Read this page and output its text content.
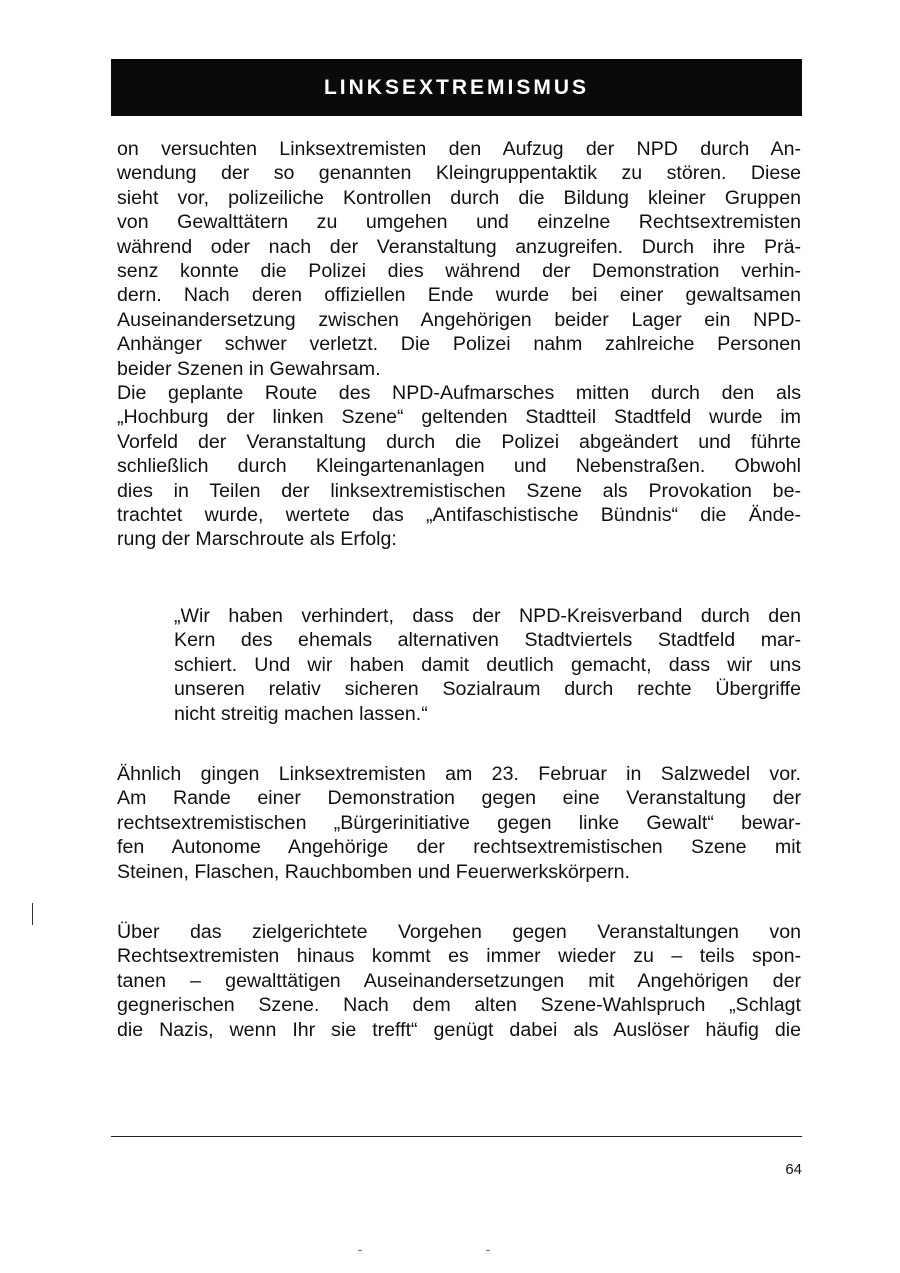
LINKSEXTREMISMUS
on versuchten Linksextremisten den Aufzug der NPD durch An-
wendung der so genannten Kleingruppentaktik zu stören. Diese
sieht vor, polizeiliche Kontrollen durch die Bildung kleiner Gruppen
von Gewalttätern zu umgehen und einzelne Rechtsextremisten
während oder nach der Veranstaltung anzugreifen. Durch ihre Prä-
senz konnte die Polizei dies während der Demonstration verhin-
dern. Nach deren offiziellen Ende wurde bei einer gewaltsamen
Auseinandersetzung zwischen Angehörigen beider Lager ein NPD-
Anhänger schwer verletzt. Die Polizei nahm zahlreiche Personen
beider Szenen in Gewahrsam.
Die geplante Route des NPD-Aufmarsches mitten durch den als
„Hochburg der linken Szene“ geltenden Stadtteil Stadtfeld wurde im
Vorfeld der Veranstaltung durch die Polizei abgeändert und führte
schließlich durch Kleingartenanlagen und Nebenstraßen. Obwohl
dies in Teilen der linksextremistischen Szene als Provokation be-
trachtet wurde, wertete das „Antifaschistische Bündnis“ die Ände-
rung der Marschroute als Erfolg:
„Wir haben verhindert, dass der NPD-Kreisverband durch den
Kern des ehemals alternativen Stadtviertels Stadtfeld mar-
schiert. Und wir haben damit deutlich gemacht, dass wir uns
unseren relativ sicheren Sozialraum durch rechte Übergriffe
nicht streitig machen lassen.“
Ähnlich gingen Linksextremisten am 23. Februar in Salzwedel vor.
Am Rande einer Demonstration gegen eine Veranstaltung der
rechtsextremistischen „Bürgerinitiative gegen linke Gewalt“ bewar-
fen Autonome Angehörige der rechtsextremistischen Szene mit
Steinen, Flaschen, Rauchbomben und Feuerwerkskörpern.
Über das zielgerichtete Vorgehen gegen Veranstaltungen von
Rechtsextremisten hinaus kommt es immer wieder zu – teils spon-
tanen – gewalttätigen Auseinandersetzungen mit Angehörigen der
gegnerischen Szene. Nach dem alten Szene-Wahlspruch „Schlagt
die Nazis, wenn Ihr sie trefft“ genügt dabei als Auslöser häufig die
64
